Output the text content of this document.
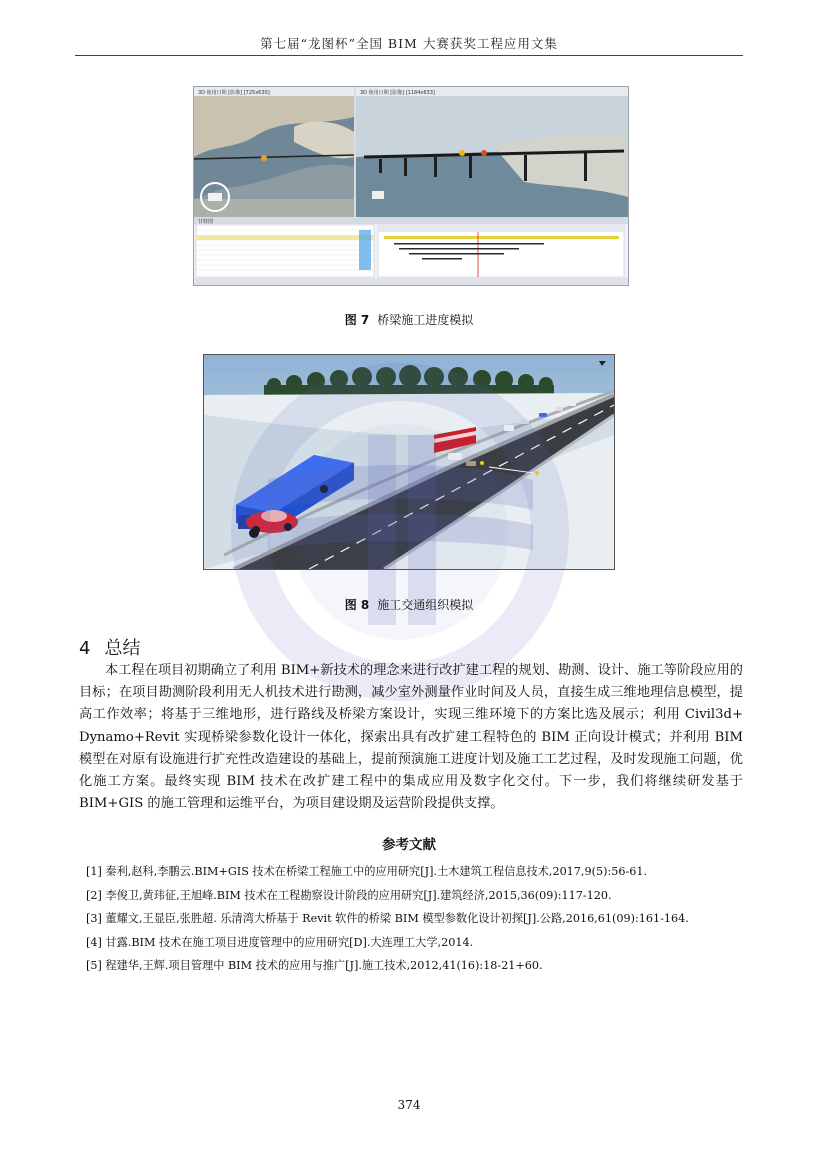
第七届“龙图杯”全国 BIM 大赛获奖工程应用文集
3D 使用日期 [影像] [725x630]	3D 使用日期 [影像] [1184x633]
甘特图
图 7 桥梁施工进度模拟
图 8 施工交通组织模拟
4 总结
本工程在项目初期确立了利用 BIM+新技术的理念来进行改扩建工程的规划、勘测、设计、施工等阶段应用的目标；在项目勘测阶段利用无人机技术进行勘测，减少室外测量作业时间及人员，直接生成三维地理信息模型，提高工作效率；将基于三维地形，进行路线及桥梁方案设计，实现三维环境下的方案比选及展示；利用 Civil3d+ Dynamo+Revit 实现桥梁参数化设计一体化，探索出具有改扩建工程特色的 BIM 正向设计模式；并利用 BIM 模型在对原有设施进行扩充性改造建设的基础上，提前预演施工进度计划及施工工艺过程，及时发现施工问题，优化施工方案。最终实现 BIM 技术在改扩建工程中的集成应用及数字化交付。下一步，我们将继续研发基于 BIM+GIS 的施工管理和运维平台，为项目建设期及运营阶段提供支撑。
参考文献
[1] 秦利,赵科,李鹏云.BIM+GIS 技术在桥梁工程施工中的应用研究[J].土木建筑工程信息技术,2017,9(5):56-61.
[2] 李俊卫,黄玮征,王旭峰.BIM 技术在工程勘察设计阶段的应用研究[J].建筑经济,2015,36(09):117-120.
[3] 董耀文,王显臣,张胜超. 乐清湾大桥基于 Revit 软件的桥梁 BIM 模型参数化设计初探[J].公路,2016,61(09):161-164.
[4] 甘露.BIM 技术在施工项目进度管理中的应用研究[D].大连理工大学,2014.
[5] 程建华,王辉.项目管理中 BIM 技术的应用与推广[J].施工技术,2012,41(16):18-21+60.
374
